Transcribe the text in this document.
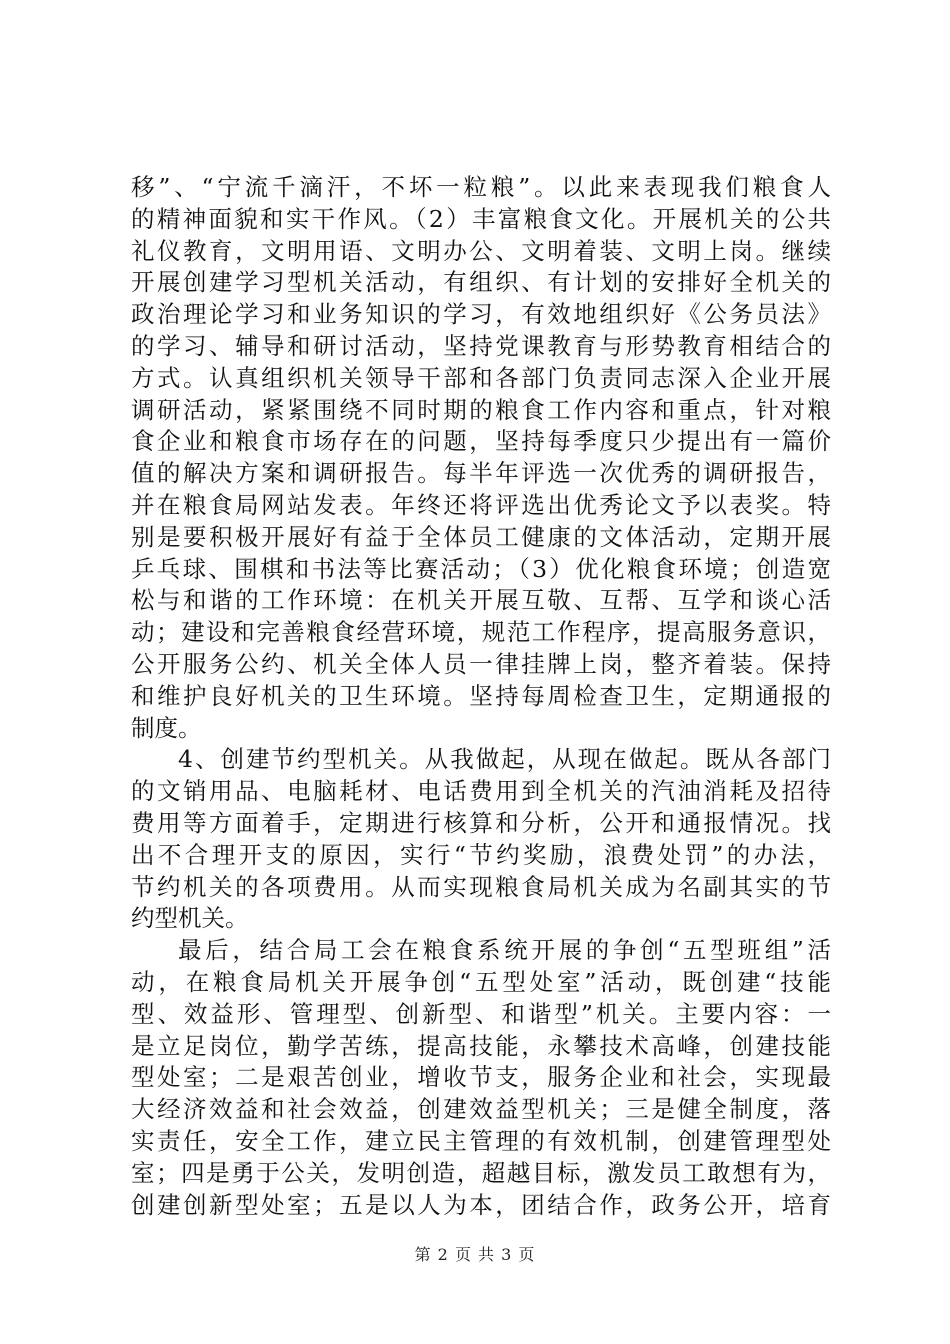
移”、“宁流千滴汗，不坏一粒粮”。以此来表现我们粮食人
的精神面貌和实干作风。（2）丰富粮食文化。开展机关的公共
礼仪教育，文明用语、文明办公、文明着装、文明上岗。继续
开展创建学习型机关活动，有组织、有计划的安排好全机关的
政治理论学习和业务知识的学习，有效地组织好《公务员法》
的学习、辅导和研讨活动，坚持党课教育与形势教育相结合的
方式。认真组织机关领导干部和各部门负责同志深入企业开展
调研活动，紧紧围绕不同时期的粮食工作内容和重点，针对粮
食企业和粮食市场存在的问题，坚持每季度只少提出有一篇价
值的解决方案和调研报告。每半年评选一次优秀的调研报告，
并在粮食局网站发表。年终还将评选出优秀论文予以表奖。特
别是要积极开展好有益于全体员工健康的文体活动，定期开展
乒乓球、围棋和书法等比赛活动；（3）优化粮食环境；创造宽
松与和谐的工作环境：在机关开展互敬、互帮、互学和谈心活
动；建设和完善粮食经营环境，规范工作程序，提高服务意识，
公开服务公约、机关全体人员一律挂牌上岗，整齐着装。保持
和维护良好机关的卫生环境。坚持每周检查卫生，定期通报的
制度。
4、创建节约型机关。从我做起，从现在做起。既从各部门
的文销用品、电脑耗材、电话费用到全机关的汽油消耗及招待
费用等方面着手，定期进行核算和分析，公开和通报情况。找
出不合理开支的原因，实行“节约奖励，浪费处罚”的办法，
节约机关的各项费用。从而实现粮食局机关成为名副其实的节
约型机关。
最后，结合局工会在粮食系统开展的争创“五型班组”活
动，在粮食局机关开展争创“五型处室”活动，既创建“技能
型、效益形、管理型、创新型、和谐型”机关。主要内容：一
是立足岗位，勤学苦练，提高技能，永攀技术高峰，创建技能
型处室；二是艰苦创业，增收节支，服务企业和社会，实现最
大经济效益和社会效益，创建效益型机关；三是健全制度，落
实责任，安全工作，建立民主管理的有效机制，创建管理型处
室；四是勇于公关，发明创造，超越目标，激发员工敢想有为，
创建创新型处室；五是以人为本，团结合作，政务公开，培育
第 2 页 共 3 页
